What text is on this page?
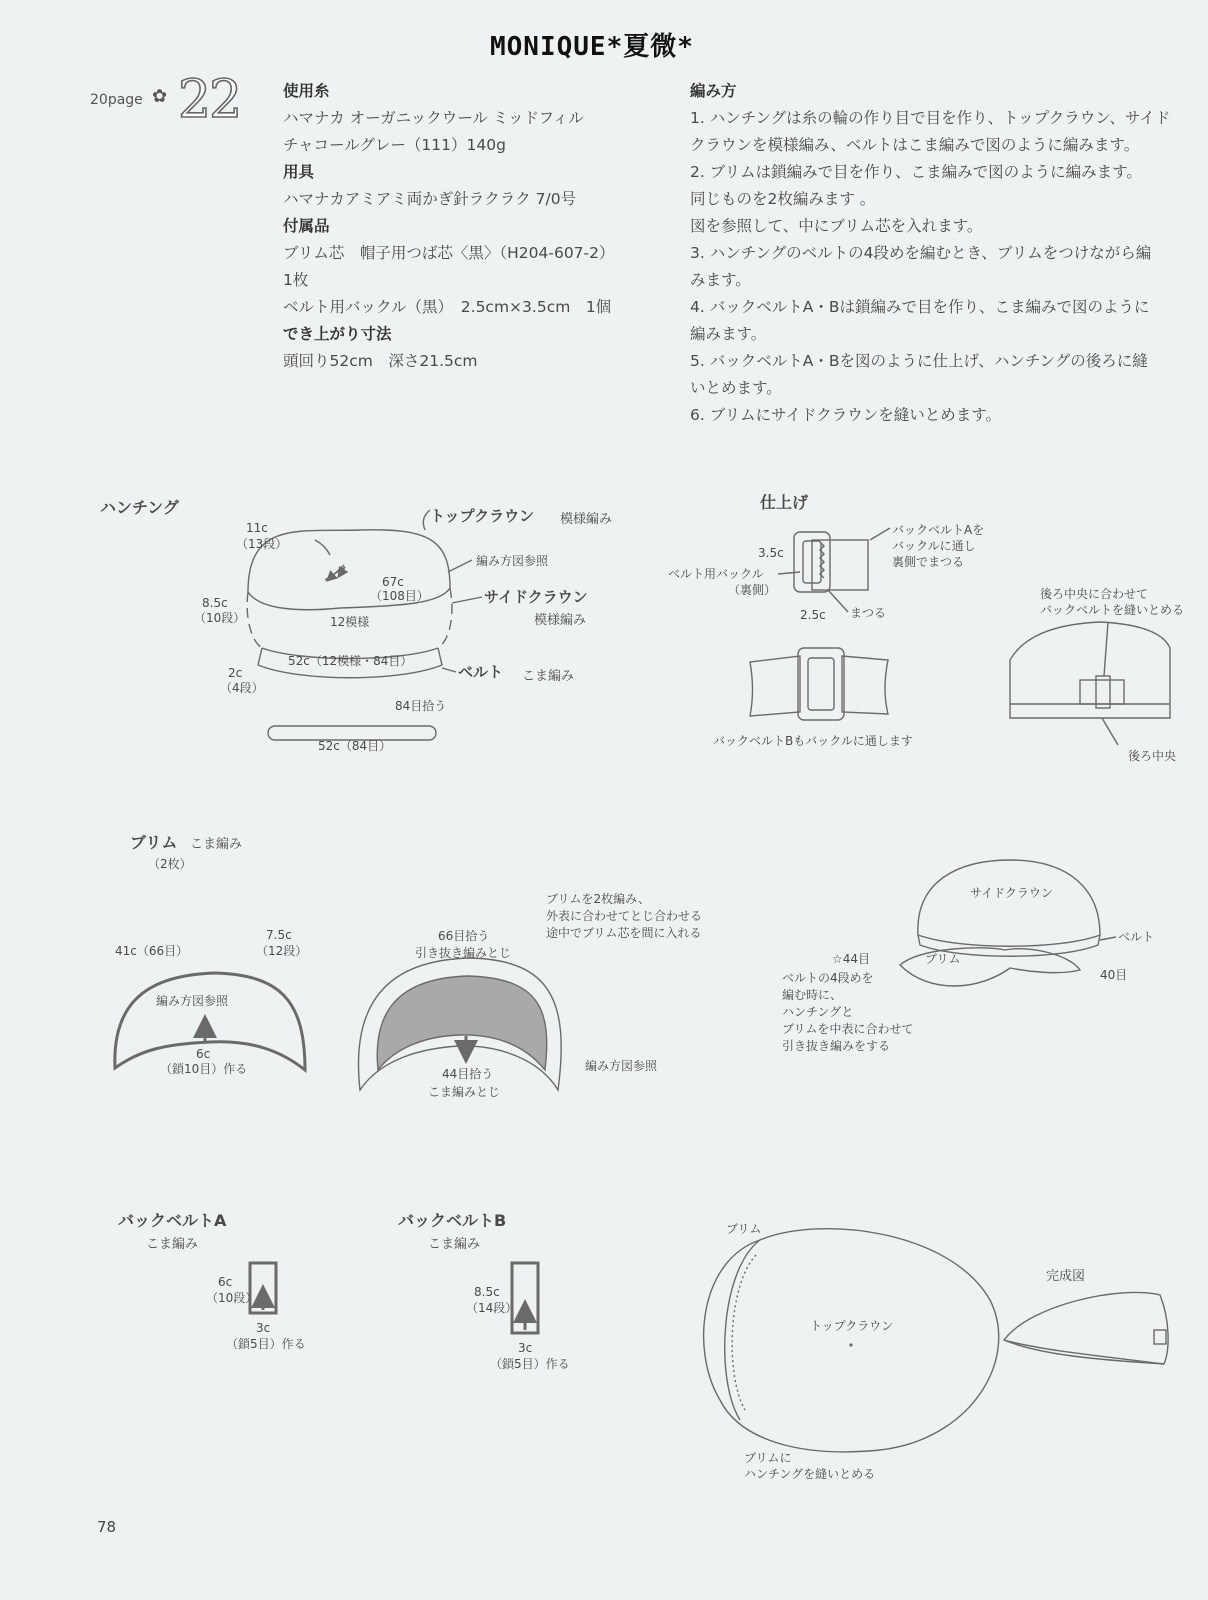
MONIQUE*夏微*
20page ✿ 22	使用糸
ハマナカ オーガニックウール ミッドフィル
チャコールグレー（111）140g
用具
ハマナカアミアミ両かぎ針ラクラク 7/0号
付属品
ブリム芯　帽子用つば芯〈黒〉（H204-607-2）
1枚
ベルト用バックル（黒）　2.5cm×3.5cm　1個
でき上がり寸法
頭回り52cm　深さ21.5cm
編み方
1. ハンチングは糸の輪の作り目で目を作り、トップクラウン、サイド
クラウンを模様編み、ベルトはこま編みで図のように編みます。
2. ブリムは鎖編みで目を作り、こま編みで図のように編みます。
同じものを2枚編みます 。
図を参照して、中にブリム芯を入れます。
3. ハンチングのベルトの4段めを編むとき、ブリムをつけながら編
みます。
4. バックベルトA・Bは鎖編みで目を作り、こま編みで図のように
編みます。
5. バックベルトA・Bを図のように仕上げ、ハンチングの後ろに縫
いとめます。
6. ブリムにサイドクラウンを縫いとめます。
ハンチング	トップクラウン 模様編み
11c
（13段）
編み方図参照
67c
（108目）	サイドクラウン
模様編み
8.5c
（10段）	12模様
52c（12模様・84目）
ベルト こま編み
2c
（4段）
84目拾う
52c（84目）
仕上げ
バックベルトAを
バックルに通し
裏側でまつる
3.5c
ベルト用バックル
（裏側）
2.5c まつる
バックベルトBもバックルに通します
後ろ中央に合わせて
バックベルトを縫いとめる
後ろ中央
ブリム こま編み
（2枚）
41c（66目）
7.5c
（12段）
編み方図参照
6c
（鎖10目）作る
ブリムを2枚編み、
外表に合わせてとじ合わせる
途中でブリム芯を間に入れる
66目拾う
引き抜き編みとじ
44目拾う
こま編みとじ
編み方図参照
サイドクラウン
ベルト
☆44目	ブリム
40目
ベルトの4段めを
編む時に、
ハンチングと
ブリムを中表に合わせて
引き抜き編みをする
バックベルトA
こま編み
6c
（10段）
3c
（鎖5目）作る
バックベルトB
こま編み
8.5c
（14段）
3c
（鎖5目）作る
ブリム
トップクラウン
完成図
ブリムに
ハンチングを縫いとめる
78
